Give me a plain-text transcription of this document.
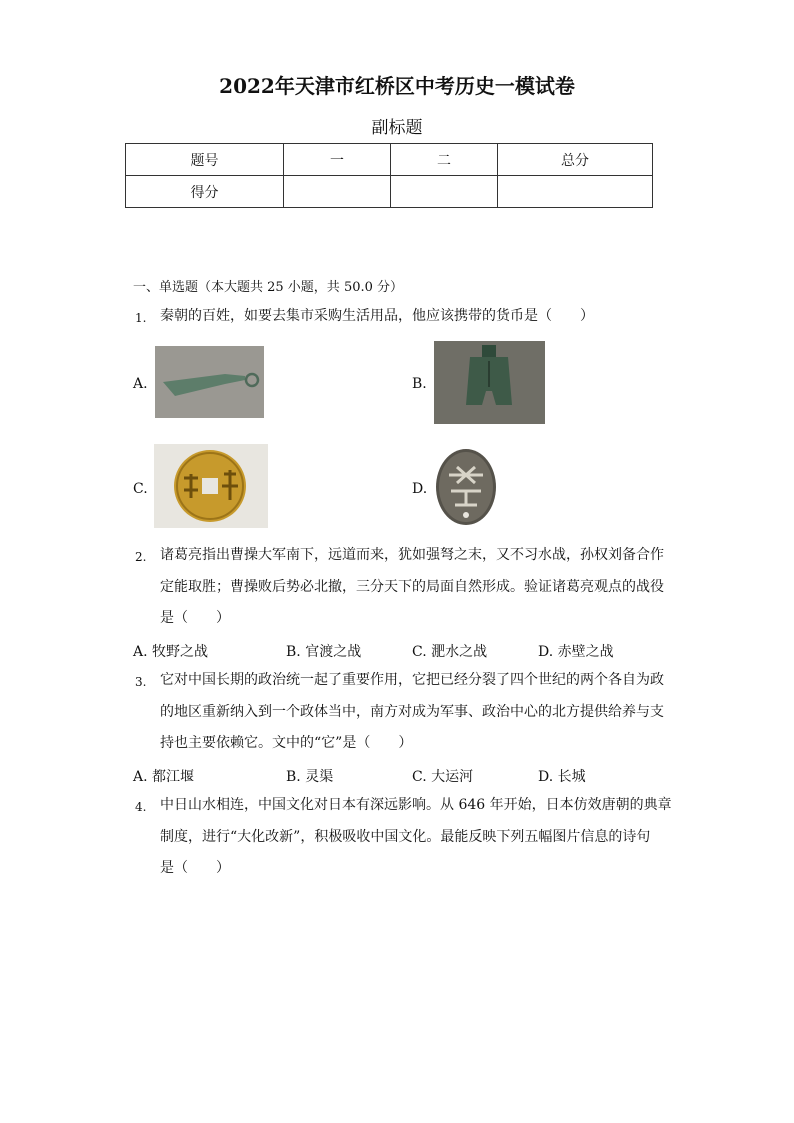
2022年天津市红桥区中考历史一模试卷
副标题
题号	一	二	总分
得分			
一、单选题（本大题共 25 小题，共 50.0 分）
1. 秦朝的百姓，如要去集市采购生活用品，他应该携带的货币是（　　）
A.	B.
C.	D.
2. 诸葛亮指出曹操大军南下，远道而来，犹如强弩之末，又不习水战，孙权刘备合作
定能取胜；曹操败后势必北撤，三分天下的局面自然形成。验证诸葛亮观点的战役
是（　　）
A. 牧野之战	B. 官渡之战	C. 淝水之战	D. 赤壁之战
3. 它对中国长期的政治统一起了重要作用，它把已经分裂了四个世纪的两个各自为政
的地区重新纳入到一个政体当中，南方对成为军事、政治中心的北方提供给养与支
持也主要依赖它。文中的“它”是（　　）
A. 都江堰	B. 灵渠	C. 大运河	D. 长城
4. 中日山水相连，中国文化对日本有深远影响。从 646 年开始，日本仿效唐朝的典章
制度，进行“大化改新”，积极吸收中国文化。最能反映下列五幅图片信息的诗句
是（　　）
